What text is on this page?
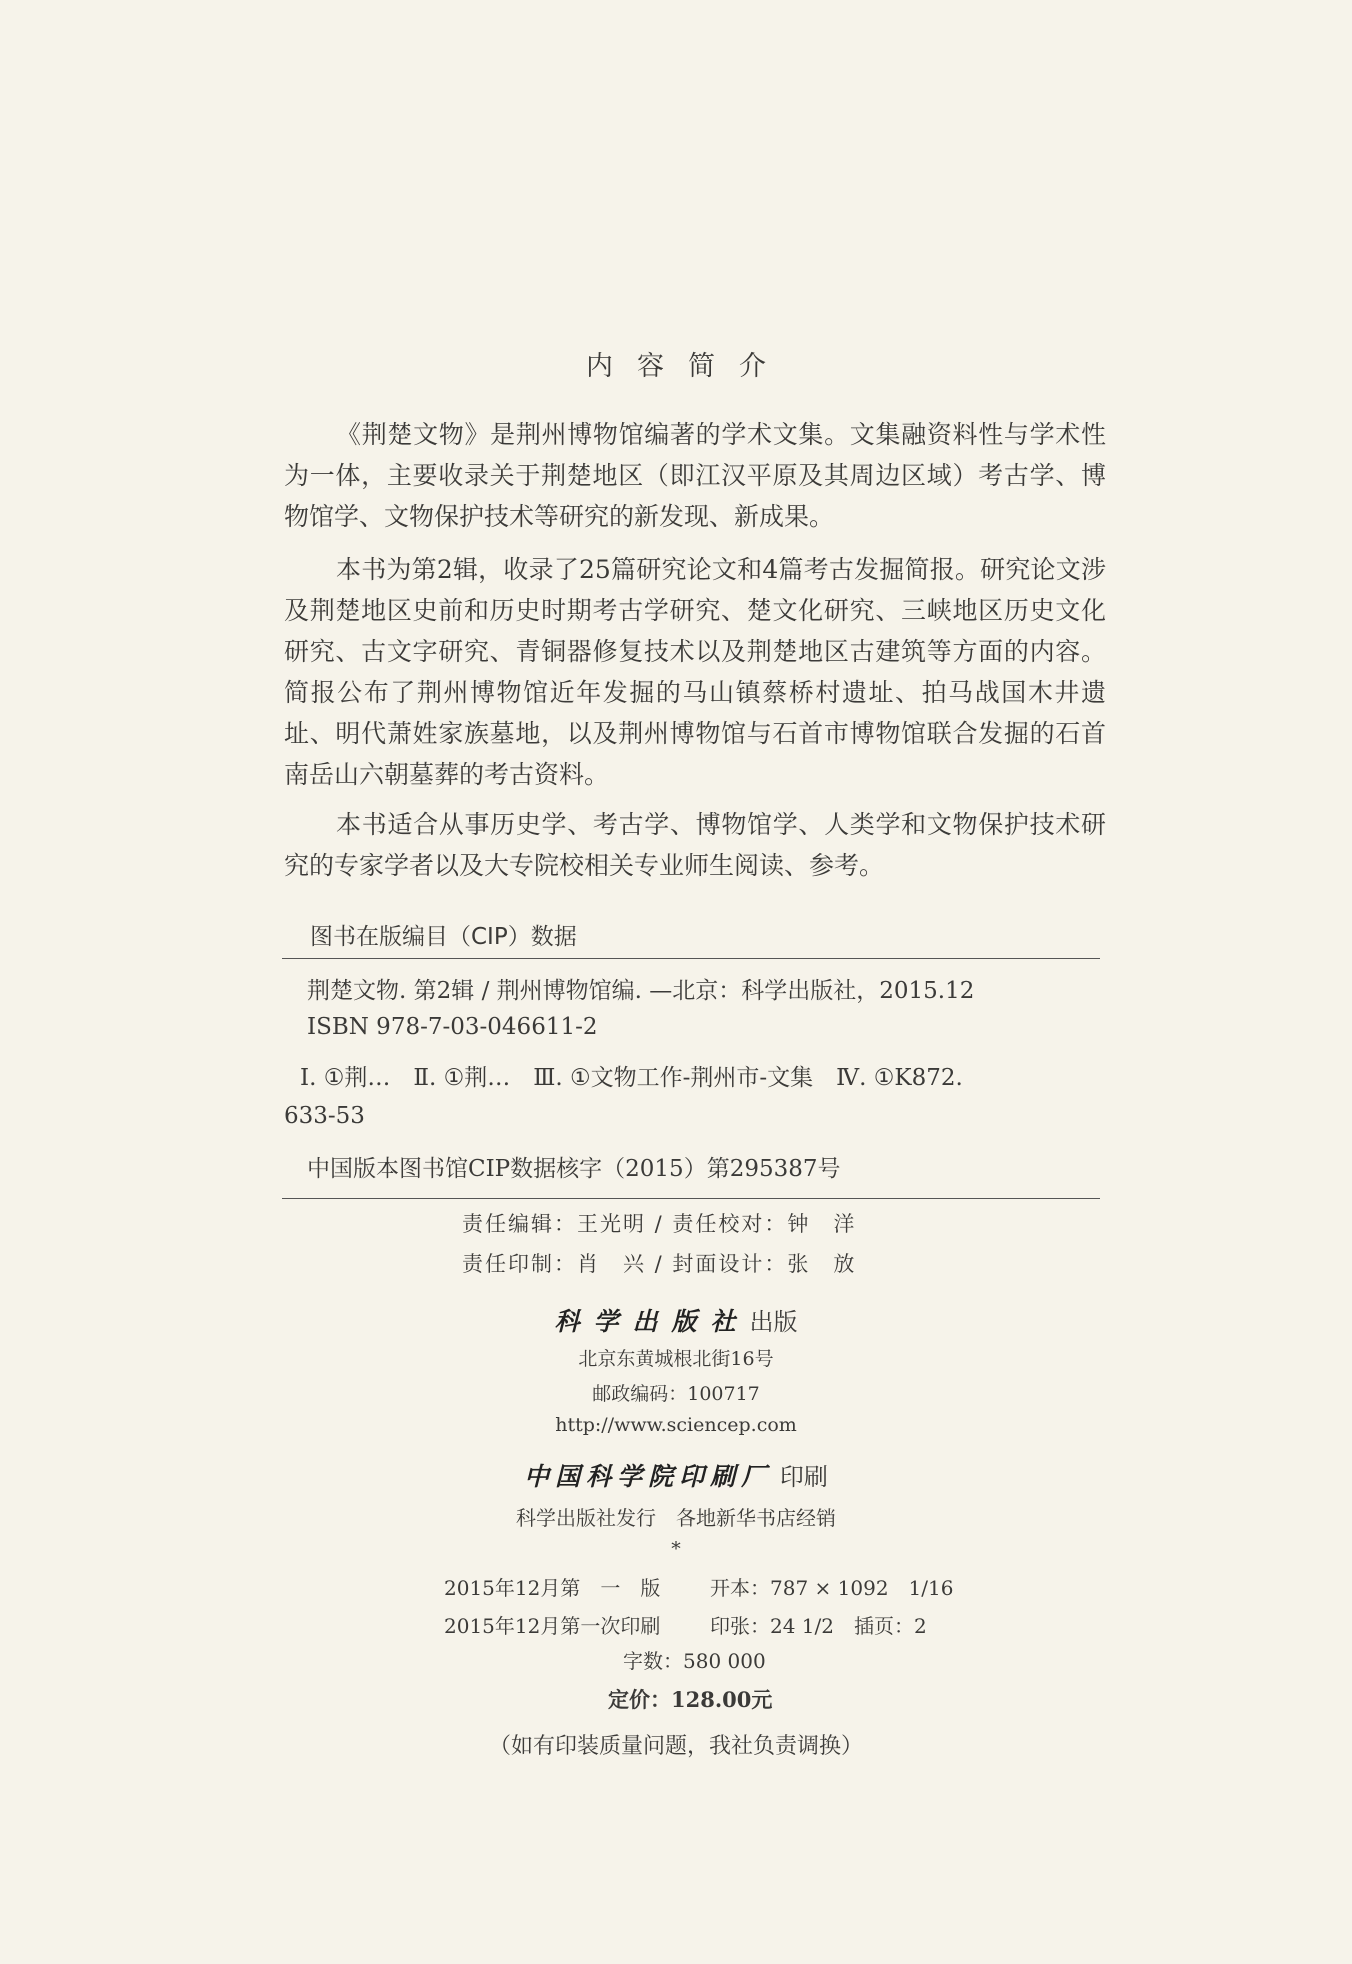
内容简介
《荆楚文物》是荆州博物馆编著的学术文集。文集融资料性与学术性
为一体，主要收录关于荆楚地区（即江汉平原及其周边区域）考古学、博
物馆学、文物保护技术等研究的新发现、新成果。
本书为第2辑，收录了25篇研究论文和4篇考古发掘简报。研究论文涉
及荆楚地区史前和历史时期考古学研究、楚文化研究、三峡地区历史文化
研究、古文字研究、青铜器修复技术以及荆楚地区古建筑等方面的内容。
简报公布了荆州博物馆近年发掘的马山镇蔡桥村遗址、拍马战国木井遗
址、明代萧姓家族墓地，以及荆州博物馆与石首市博物馆联合发掘的石首
南岳山六朝墓葬的考古资料。
本书适合从事历史学、考古学、博物馆学、人类学和文物保护技术研
究的专家学者以及大专院校相关专业师生阅读、参考。
图书在版编目（CIP）数据
荆楚文物. 第2辑 / 荆州博物馆编. —北京：科学出版社，2015.12
ISBN 978-7-03-046611-2
Ⅰ. ①荆…　Ⅱ. ①荆…　Ⅲ. ①文物工作-荆州市-文集　Ⅳ. ①K872.
633-53
中国版本图书馆CIP数据核字（2015）第295387号
责任编辑：王光明 / 责任校对：钟　洋
责任印制：肖　兴 / 封面设计：张　放
科学出版社出版
北京东黄城根北街16号
邮政编码：100717
http://www.sciencep.com
中国科学院印刷厂 印刷
科学出版社发行　各地新华书店经销
*
2015年12月第　一　版 开本：787 × 1092　1/16
2015年12月第一次印刷 印张：24 1/2　插页：2
字数：580 000
定价：128.00元
（如有印装质量问题，我社负责调换）
